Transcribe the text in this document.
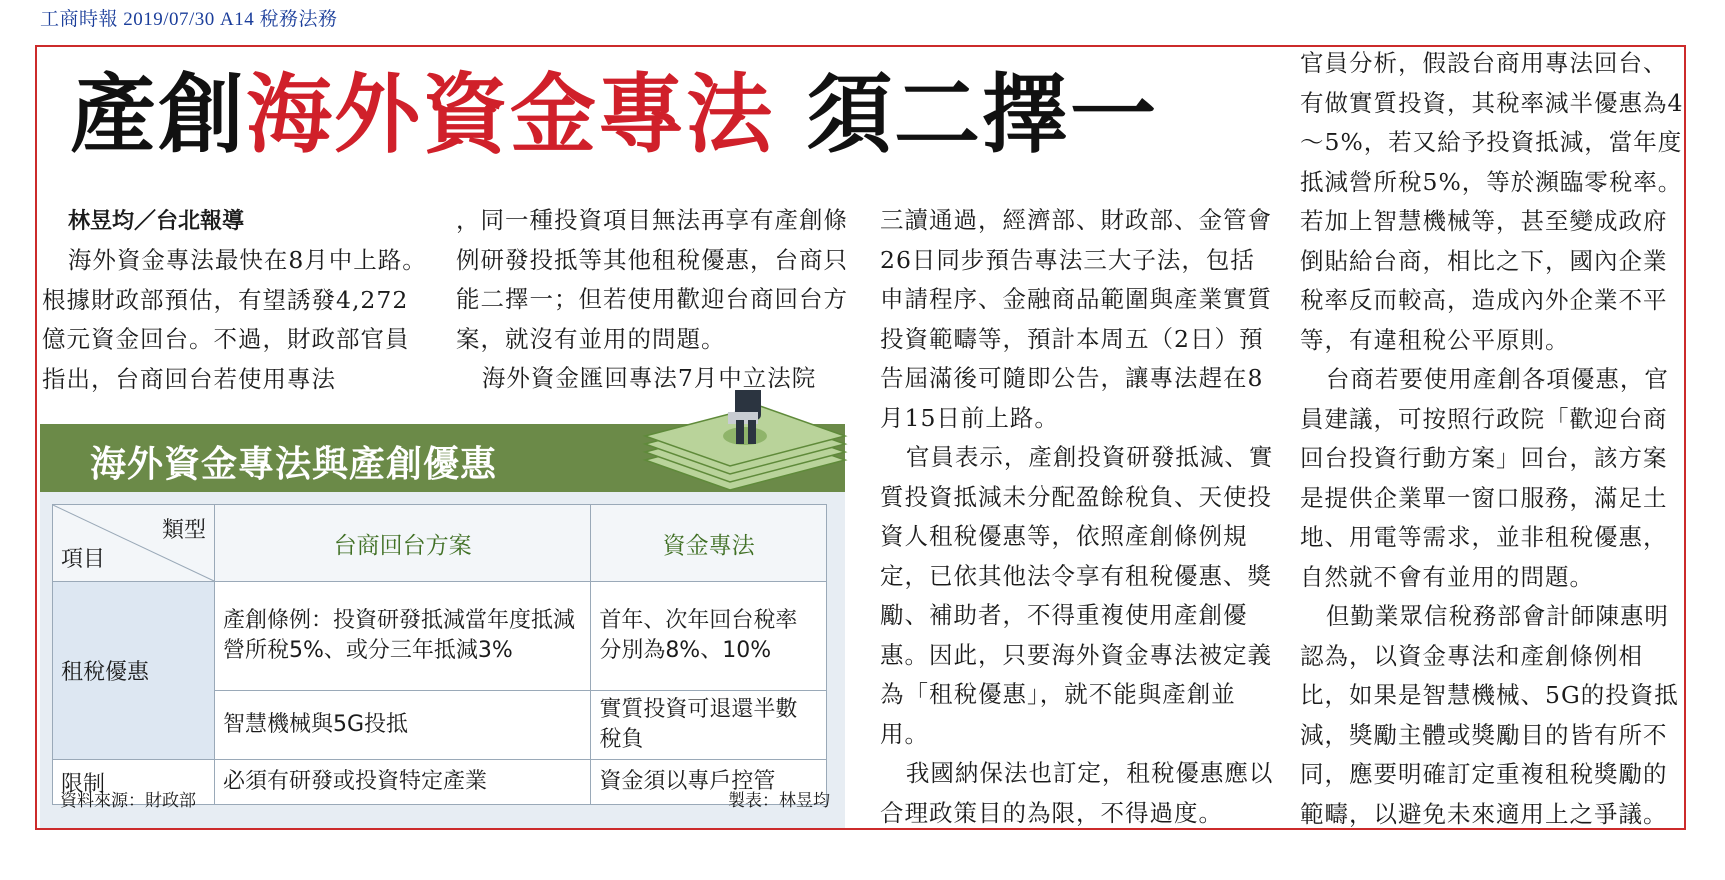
工商時報 2019/07/30 A14 稅務法務
產創海外資金專法 須二擇一
林昱均／台北報導

海外資金專法最快在8月中上路。根據財政部預估，有望誘發4,272億元資金回台。不過，財政部官員指出，台商回台若使用專法

，同一種投資項目無法再享有產創條例研發投抵等其他租稅優惠，台商只能二擇一；但若使用歡迎台商回台方案，就沒有並用的問題。

海外資金匯回專法7月中立法院

三讀通過，經濟部、財政部、金管會26日同步預告專法三大子法，包括申請程序、金融商品範圍與產業實質投資範疇等，預計本周五（2日）預告屆滿後可隨即公告，讓專法趕在8月15日前上路。

官員表示，產創投資研發抵減、實質投資抵減未分配盈餘稅負、天使投資人租稅優惠等，依照產創條例規定，已依其他法令享有租稅優惠、獎勵、補助者，不得重複使用產創優惠。因此，只要海外資金專法被定義為「租稅優惠」，就不能與產創並用。

我國納保法也訂定，租稅優惠應以合理政策目的為限，不得過度。

官員分析，假設台商用專法回台、有做實質投資，其稅率減半優惠為4～5%，若又給予投資抵減，當年度抵減營所稅5%，等於瀕臨零稅率。若加上智慧機械等，甚至變成政府倒貼給台商，相比之下，國內企業稅率反而較高，造成內外企業不平等，有違租稅公平原則。

台商若要使用產創各項優惠，官員建議，可按照行政院「歡迎台商回台投資行動方案」回台，該方案是提供企業單一窗口服務，滿足土地、用電等需求，並非租稅優惠，自然就不會有並用的問題。

但勤業眾信稅務部會計師陳惠明認為，以資金專法和產創條例相比，如果是智慧機械、5G的投資抵減，獎勵主體或獎勵目的皆有所不同，應要明確訂定重複租稅獎勵的範疇，以避免未來適用上之爭議。

海外資金專法與產創優惠
類型
項目	台商回台方案	資金專法
租稅優惠	產創條例：投資研發抵減當年度抵減營所稅5%、或分三年抵減3%	首年、次年回台稅率分別為8%、10%
	智慧機械與5G投抵	實質投資可退還半數稅負
限制	必須有研發或投資特定產業	資金須以專戶控管
資料來源：財政部	製表：林昱均
